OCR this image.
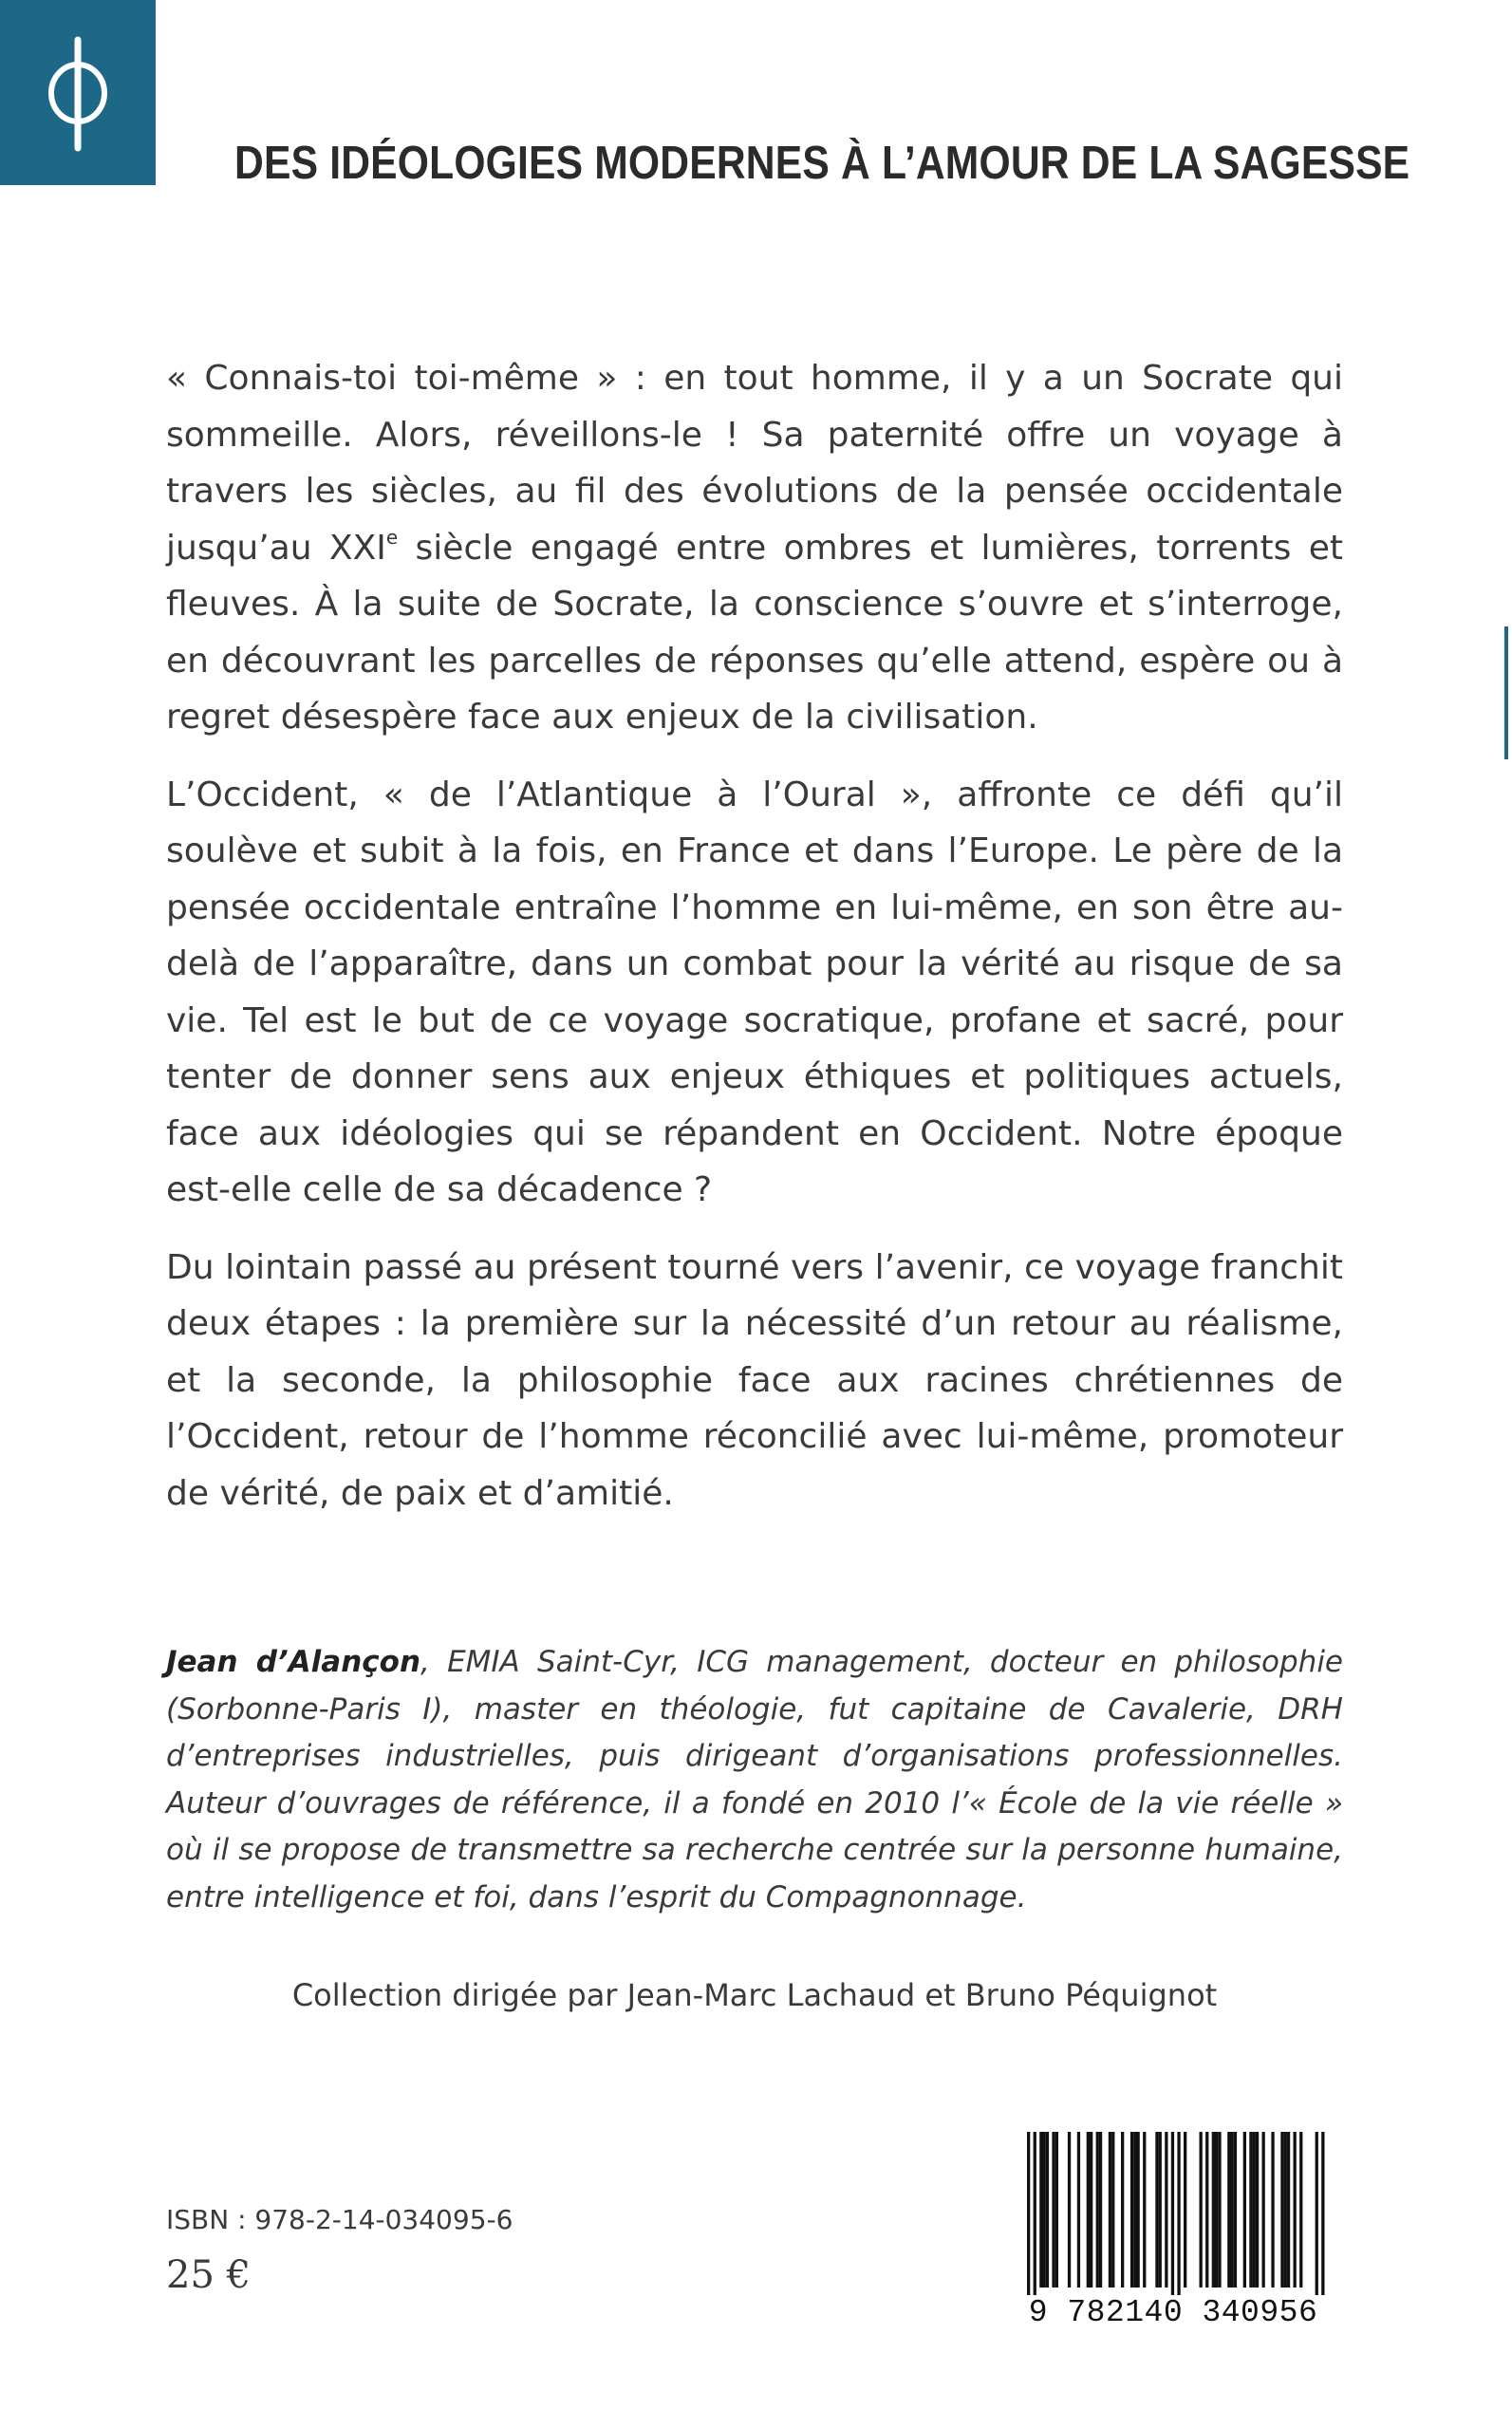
DES IDÉOLOGIES MODERNES À L’AMOUR DE LA SAGESSE

« Connais-toi toi-même » : en tout homme, il y a un Socrate qui sommeille. Alors, réveillons-le ! Sa paternité offre un voyage à travers les siècles, au fil des évolutions de la pensée occidentale jusqu’au XXIe siècle engagé entre ombres et lumières, torrents et fleuves. À la suite de Socrate, la conscience s’ouvre et s’interroge, en découvrant les parcelles de réponses qu’elle attend, espère ou à regret désespère face aux enjeux de la civilisation.

L’Occident, « de l’Atlantique à l’Oural », affronte ce défi qu’il soulève et subit à la fois, en France et dans l’Europe. Le père de la pensée occidentale entraîne l’homme en lui-même, en son être au-delà de l’apparaître, dans un combat pour la vérité au risque de sa vie. Tel est le but de ce voyage socratique, profane et sacré, pour tenter de donner sens aux enjeux éthiques et politiques actuels, face aux idéologies qui se répandent en Occident. Notre époque est-elle celle de sa décadence ?

Du lointain passé au présent tourné vers l’avenir, ce voyage franchit deux étapes : la première sur la nécessité d’un retour au réalisme, et la seconde, la philosophie face aux racines chrétiennes de l’Occident, retour de l’homme réconcilié avec lui-même, promoteur de vérité, de paix et d’amitié.

Jean d’Alançon, EMIA Saint-Cyr, ICG management, docteur en philosophie (Sorbonne-Paris I), master en théologie, fut capitaine de Cavalerie, DRH d’entreprises industrielles, puis dirigeant d’organisations professionnelles. Auteur d’ouvrages de référence, il a fondé en 2010 l’« École de la vie réelle » où il se propose de transmettre sa recherche centrée sur la personne humaine, entre intelligence et foi, dans l’esprit du Compagnonnage.

Collection dirigée par Jean-Marc Lachaud et Bruno Péquignot
ISBN : 978-2-14-034095-6
25 €
9 782140 340956
